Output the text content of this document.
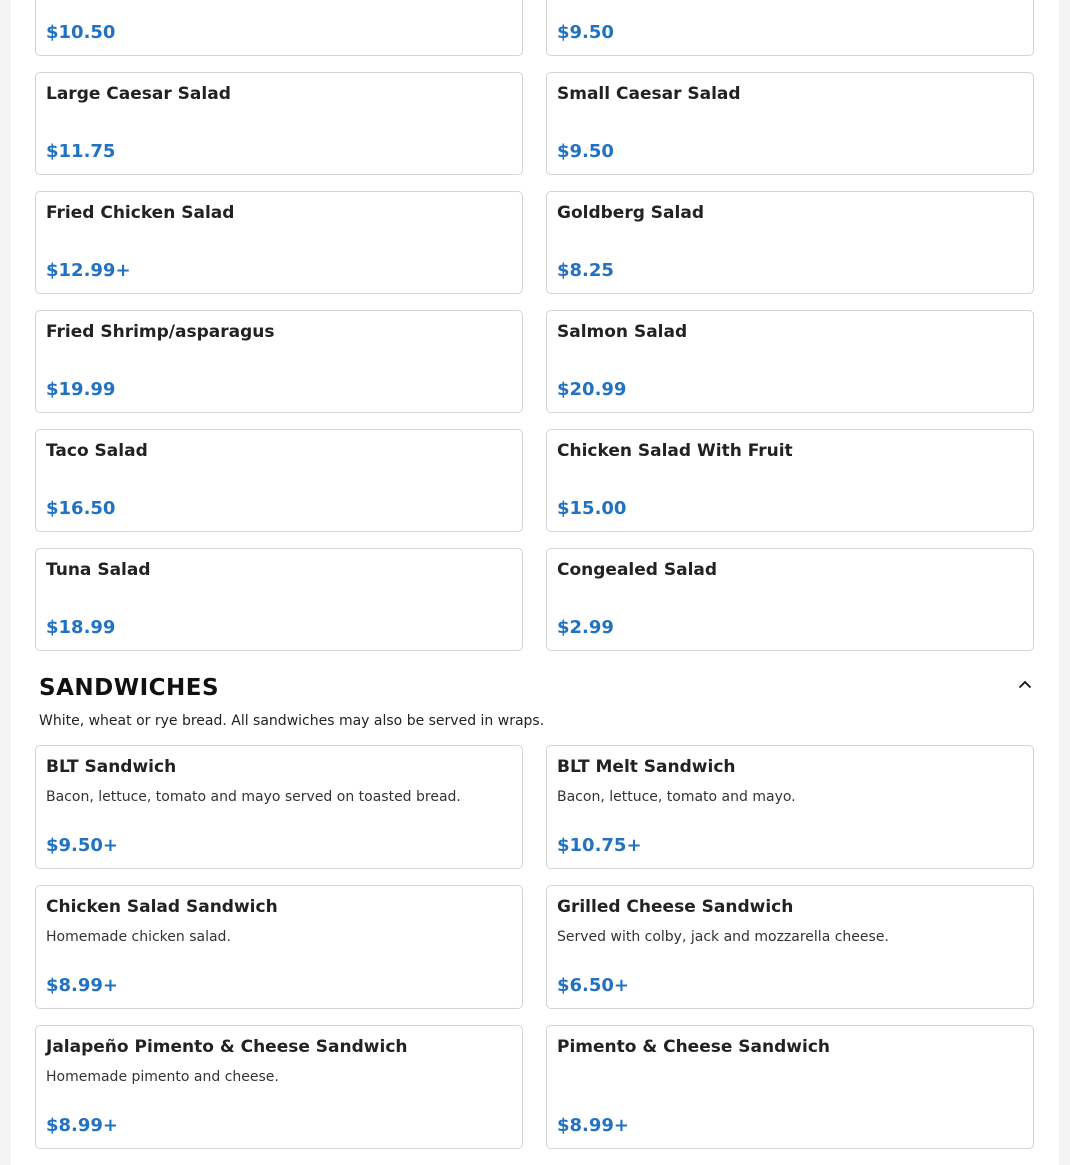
$10.50	$9.50
Large Caesar Salad
$11.75
Small Caesar Salad
$9.50
Fried Chicken Salad
$12.99+
Goldberg Salad
$8.25
Fried Shrimp/asparagus
$19.99
Salmon Salad
$20.99
Taco Salad
$16.50
Chicken Salad With Fruit
$15.00
Tuna Salad
$18.99
Congealed Salad
$2.99
SANDWICHES
White, wheat or rye bread. All sandwiches may also be served in wraps.
BLT Sandwich
Bacon, lettuce, tomato and mayo served on toasted bread.
$9.50+
BLT Melt Sandwich
Bacon, lettuce, tomato and mayo.
$10.75+
Chicken Salad Sandwich
Homemade chicken salad.
$8.99+
Grilled Cheese Sandwich
Served with colby, jack and mozzarella cheese.
$6.50+
Jalapeño Pimento & Cheese Sandwich
Homemade pimento and cheese.
$8.99+
Pimento & Cheese Sandwich
$8.99+
